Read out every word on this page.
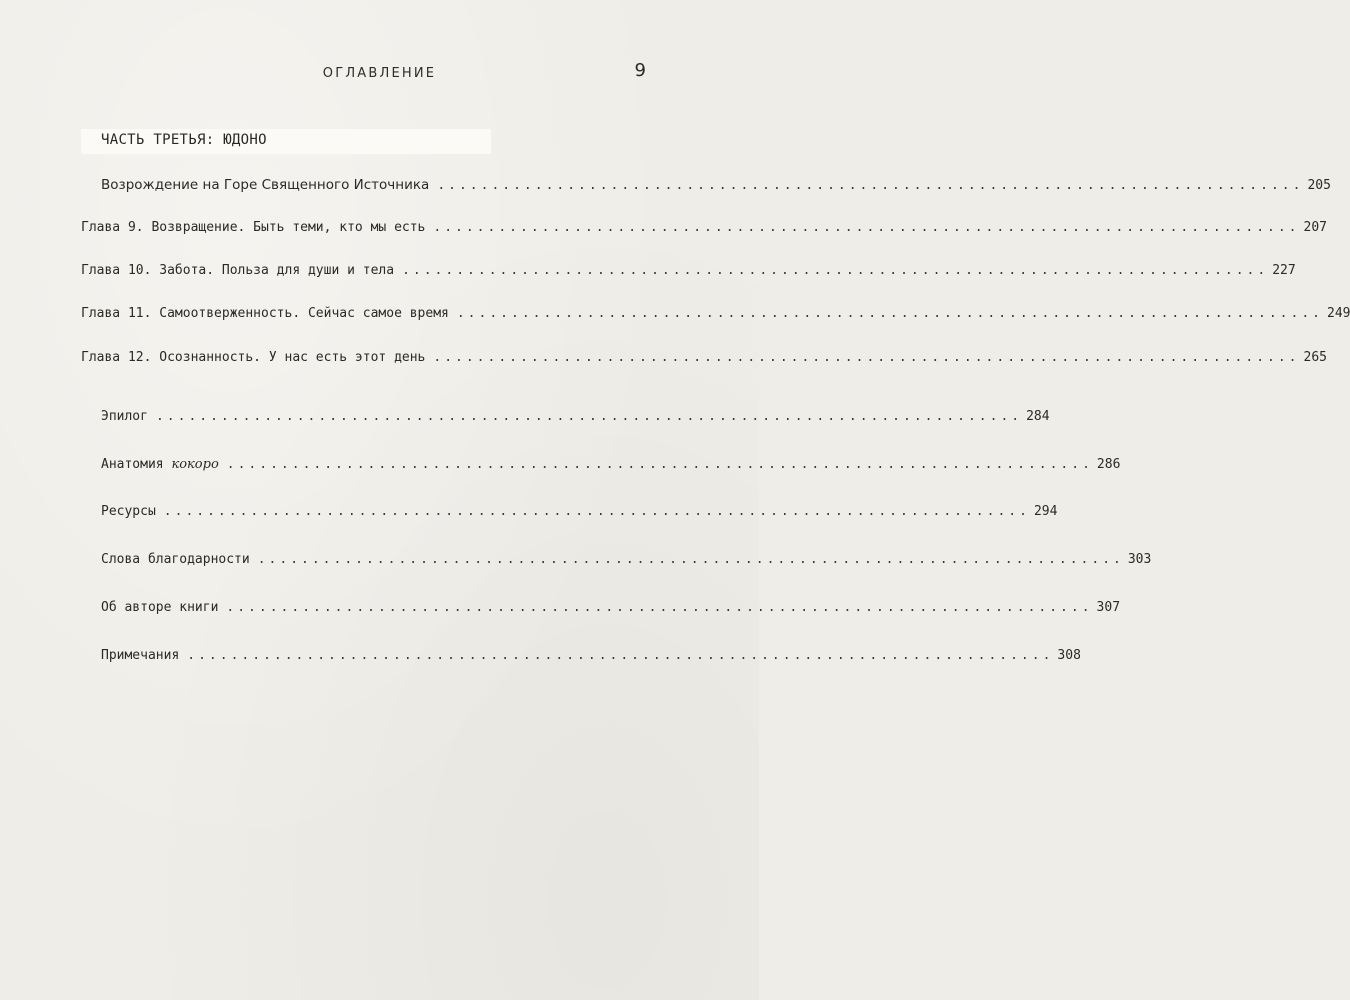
ОГЛАВЛЕНИЕ	9
ЧАСТЬ ТРЕТЬЯ: ЮДОНО
Возрождение на Горе Священного Источника ................................................................................ 205
Глава 9. Возвращение. Быть теми, кто мы есть ................................................................................ 207
Глава 10. Забота. Польза для души и тела ................................................................................ 227
Глава 11. Самоотверженность. Сейчас самое время ................................................................................ 249
Глава 12. Осознанность. У нас есть этот день ................................................................................ 265
Эпилог ................................................................................ 284
Анатомия кокоро ................................................................................ 286
Ресурсы ................................................................................ 294
Слова благодарности ................................................................................ 303
Об авторе книги ................................................................................ 307
Примечания ................................................................................ 308
